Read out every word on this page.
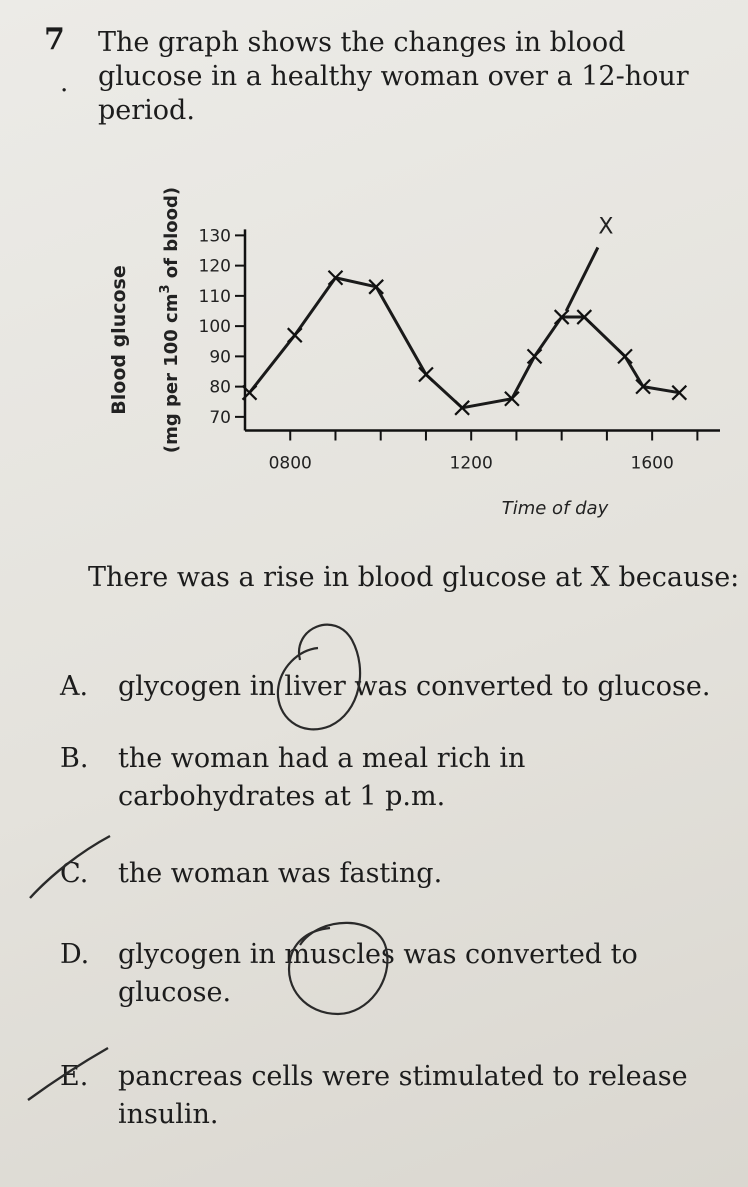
7
.
The graph shows the changes in blood glucose in a healthy woman over a 12-hour period.
Blood glucose (mg per 100 $cm^3$ of blood)
70
80
90
100
110
120
130
0800	1200	1600
X
Time of day
There was a rise in blood glucose at X because:
A. glycogen in liver was converted to glucose.
B. the woman had a meal rich in carbohydrates at 1 p.m.
C. the woman was fasting.
D. glycogen in muscles was converted to glucose.
E. pancreas cells were stimulated to release insulin.
